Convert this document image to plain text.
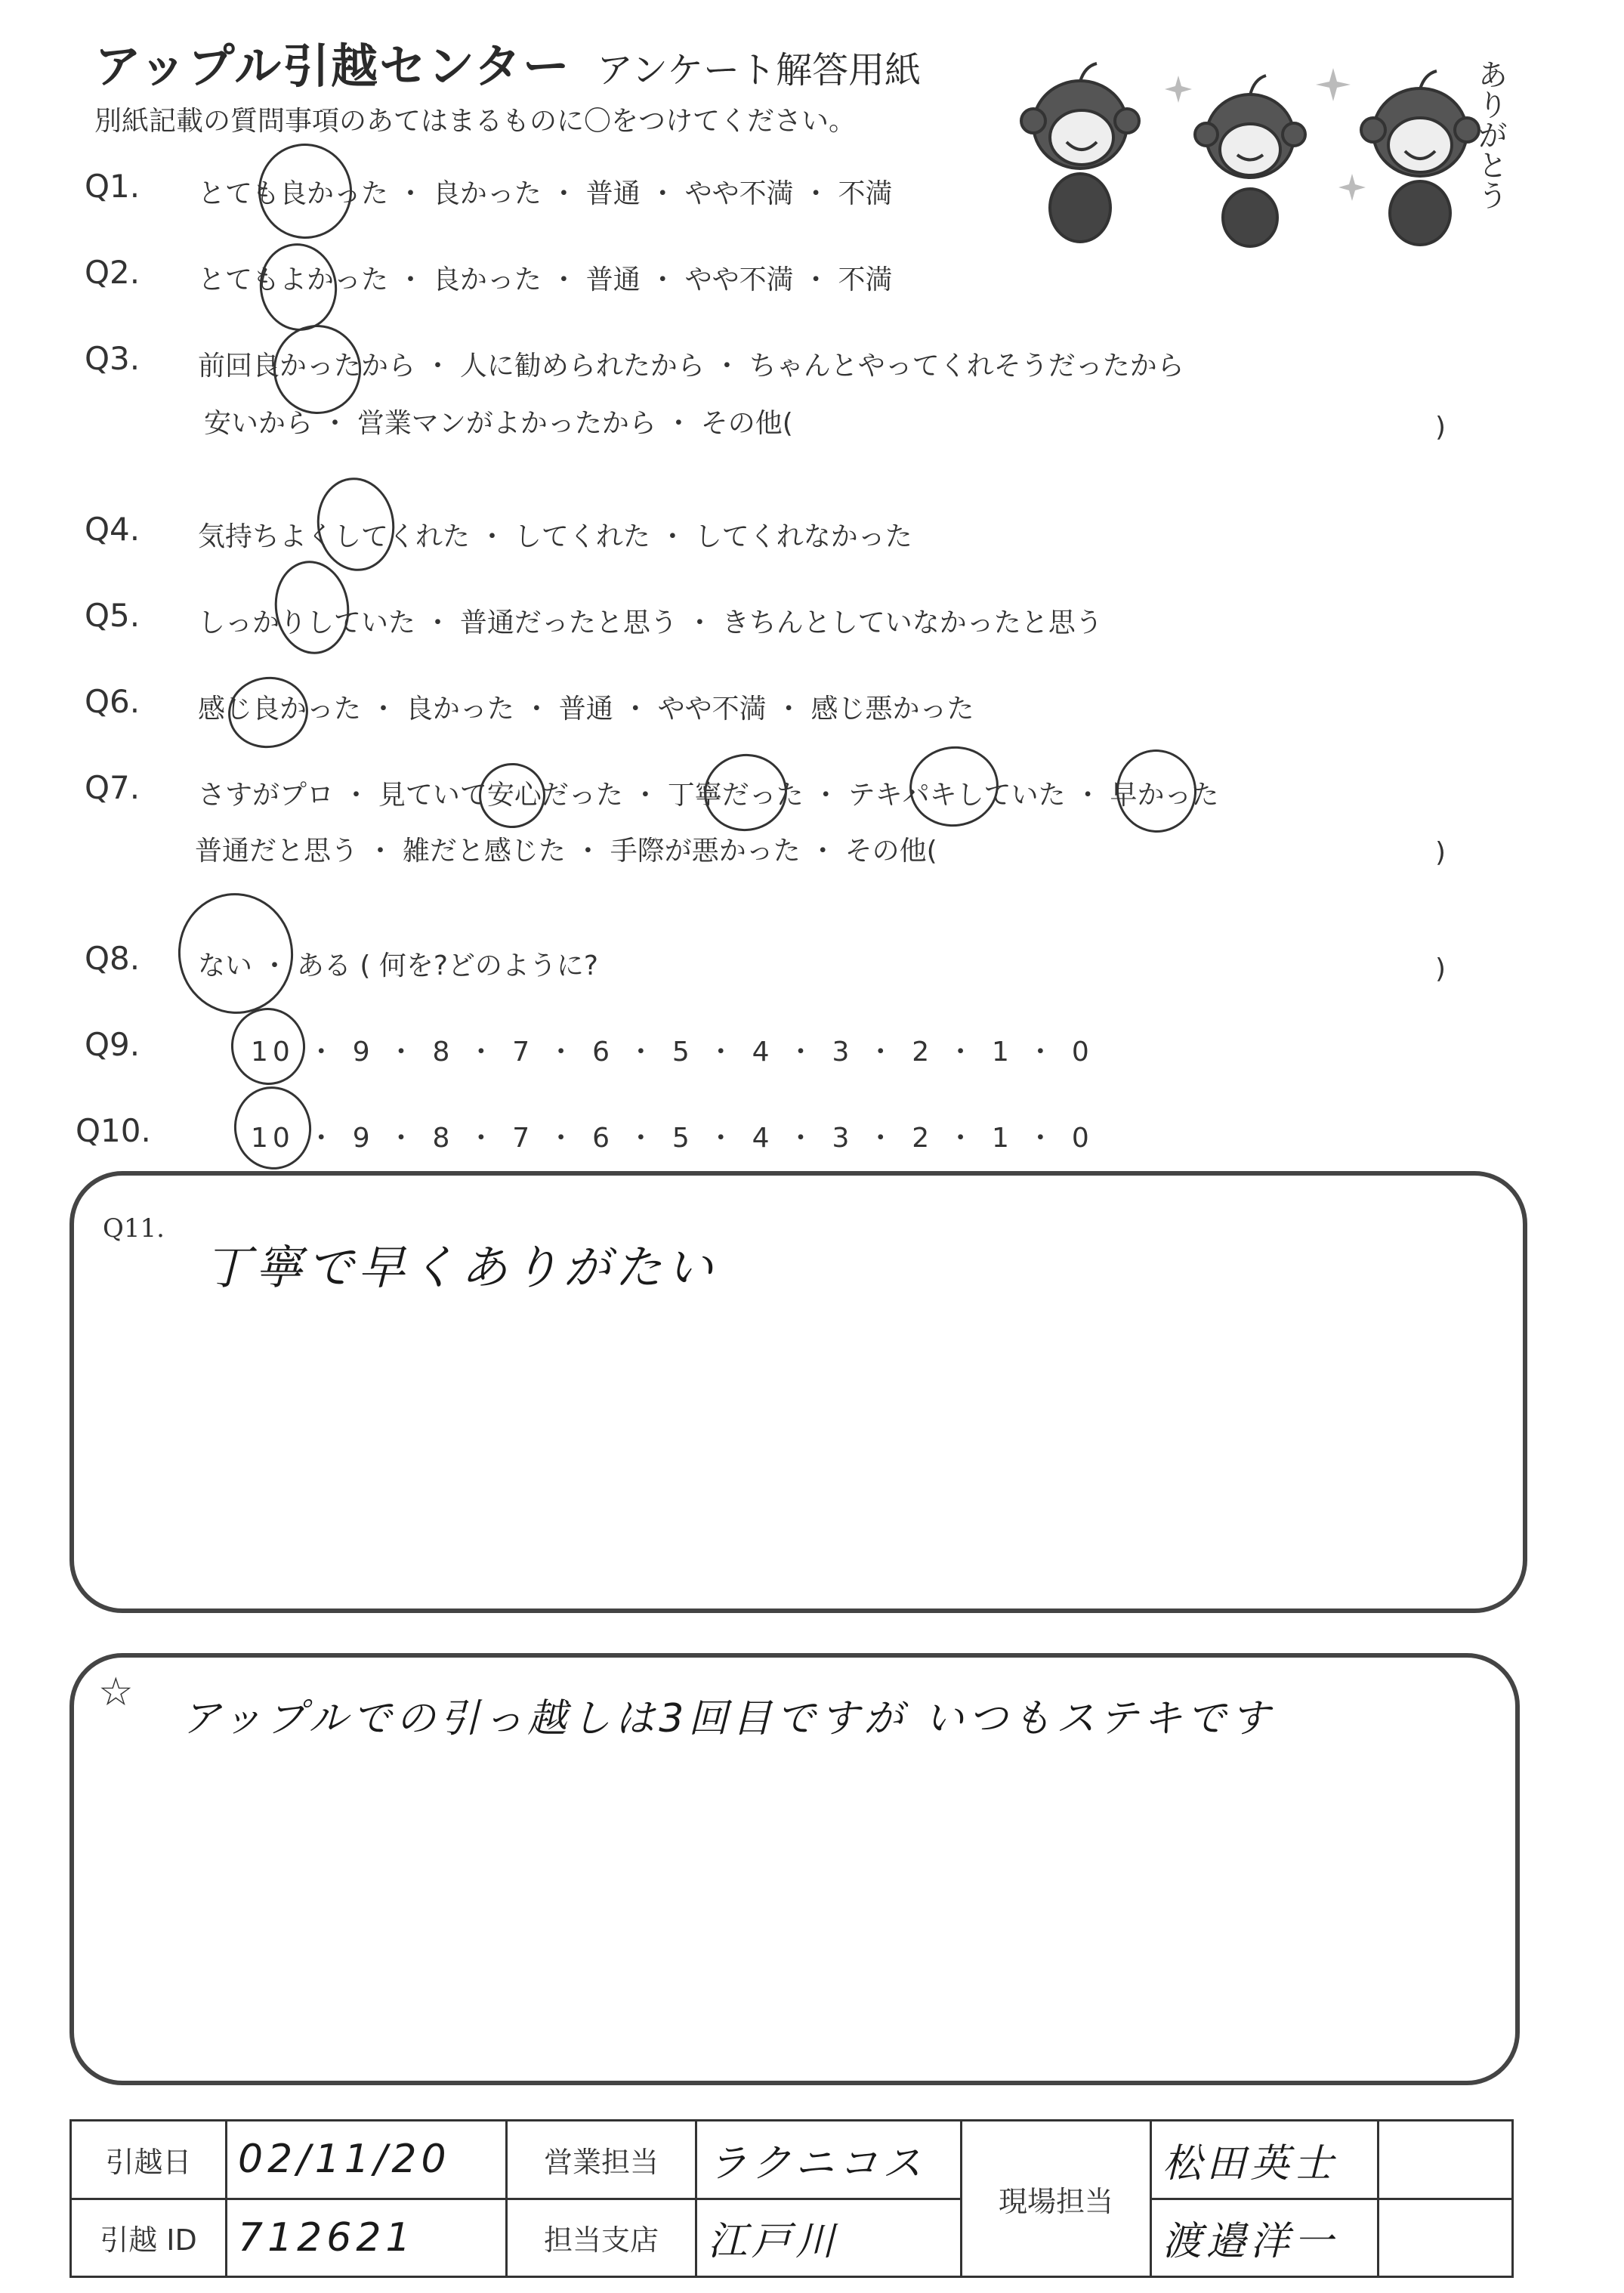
アップル引越センター アンケート解答用紙
別紙記載の質問事項のあてはまるものに〇をつけてください。	ありがとう
Q1. とても良かった ・ 良かった ・ 普通 ・ やや不満 ・ 不満
Q2. とてもよかった ・ 良かった ・ 普通 ・ やや不満 ・ 不満
Q3. 前回良かったから ・ 人に勧められたから ・ ちゃんとやってくれそうだったから
安いから ・ 営業マンがよかったから ・ その他(	)
Q4. 気持ちよくしてくれた ・ してくれた ・ してくれなかった
Q5. しっかりしていた ・ 普通だったと思う ・ きちんとしていなかったと思う
Q6. 感じ良かった ・ 良かった ・ 普通 ・ やや不満 ・ 感じ悪かった
Q7. さすがプロ ・ 見ていて安心だった ・ 丁寧だった ・ テキパキしていた ・ 早かった
普通だと思う ・ 雑だと感じた ・ 手際が悪かった ・ その他(	)
Q8. ない ・ ある ( 何を?どのように?	)
Q9.	10 ・ 9 ・ 8 ・ 7 ・ 6 ・ 5 ・ 4 ・ 3 ・ 2 ・ 1 ・ 0
Q10.	10 ・ 9 ・ 8 ・ 7 ・ 6 ・ 5 ・ 4 ・ 3 ・ 2 ・ 1 ・ 0
Q11.
丁寧で早くありがたい
☆
アップルでの引っ越しは3回目ですが いつもステキです
引越日	02/11/20	営業担当	ラクニコス	現場担当	松田英士	
引越 ID	712621	担当支店	江戸川		渡邉洋一	
